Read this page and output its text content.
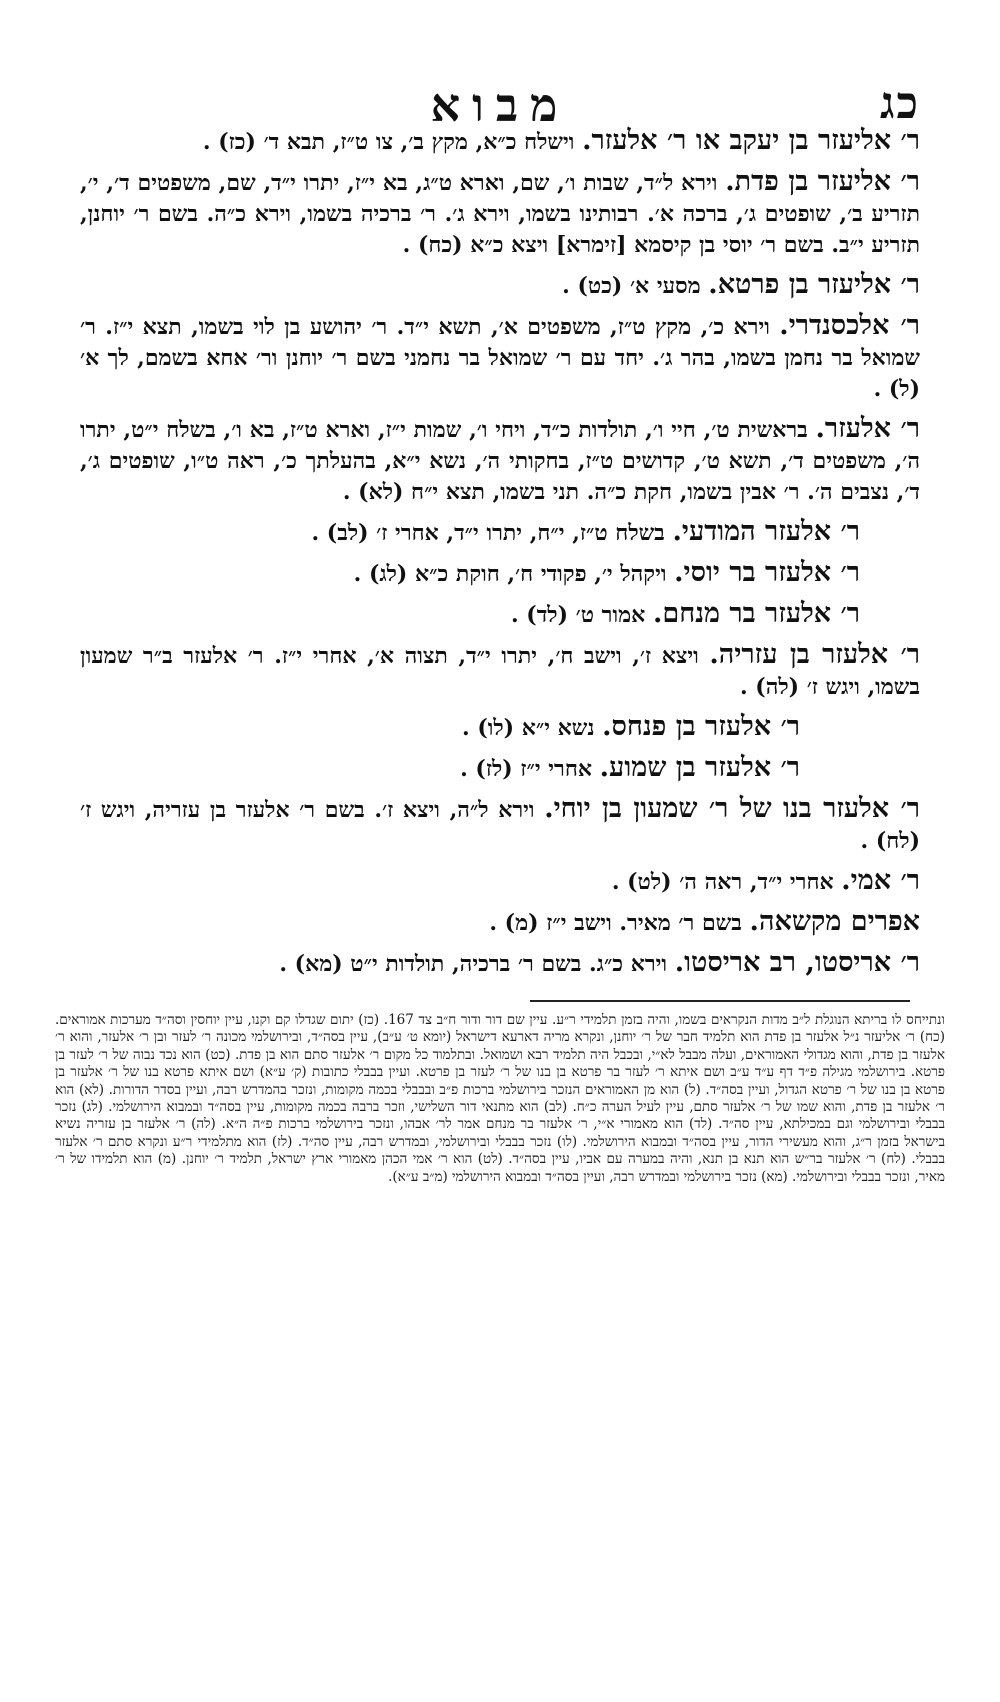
כג
מבוא

ר׳ אליעזר בן יעקב או ר׳ אלעזר. וישלח כ״א, מקץ ב׳, צו ט״ז, תבא ד׳ (כז) .

ר׳ אליעזר בן פדת. וירא ל״ד, שבות ו׳, שם, וארא ט״ג, בא י״ז, יתרו י״ד, שם, משפטים ד׳, י׳, תזריע ב׳, שופטים ג׳, ברכה א׳. רבותינו בשמו, וירא ג׳. ר׳ ברכיה בשמו, וירא כ״ה. בשם ר׳ יוחנן, תזריע י״ב. בשם ר׳ יוסי בן קיסמא [זימרא] ויצא כ״א (כח) .

ר׳ אליעזר בן פרטא. מסעי א׳ (כט) .

ר׳ אלכסנדרי. וירא כ׳, מקץ ט״ז, משפטים א׳, תשא י״ד. ר׳ יהושע בן לוי בשמו, תצא י״ז. ר׳ שמואל בר נחמן בשמו, בהר ג׳. יחד עם ר׳ שמואל בר נחמני בשם ר׳ יוחנן ור׳ אחא בשמם, לך א׳ (ל) .

ר׳ אלעזר. בראשית ט׳, חיי ו׳, תולדות כ״ד, ויחי ו׳, שמות י״ז, וארא ט״ז, בא ו׳, בשלח י״ט, יתרו ה׳, משפטים ד׳, תשא ט׳, קדושים ט״ז, בחקותי ה׳, נשא י״א, בהעלתך כ׳, ראה ט״ו, שופטים ג׳, ד׳, נצבים ה׳. ר׳ אבין בשמו, חקת כ״ה. תני בשמו, תצא י״ח (לא) .

ר׳ אלעזר המודעי. בשלח ט״ז, י״ח, יתרו י״ד, אחרי ז׳ (לב) .

ר׳ אלעזר בר יוסי. ויקהל י׳, פקודי ח׳, חוקת כ״א (לג) .

ר׳ אלעזר בר מנחם. אמור ט׳ (לד) .

ר׳ אלעזר בן עזריה. ויצא ז׳, וישב ח׳, יתרו י״ד, תצוה א׳, אחרי י״ז. ר׳ אלעזר ב״ר שמעון בשמו, ויגש ז׳ (לה) .

ר׳ אלעזר בן פנחס. נשא י״א (לו) .

ר׳ אלעזר בן שמוע. אחרי י״ז (לז) .

ר׳ אלעזר בנו של ר׳ שמעון בן יוחי. וירא ל״ה, ויצא ז׳. בשם ר׳ אלעזר בן עזריה, ויגש ז׳ (לח) .

ר׳ אמי. אחרי י״ד, ראה ה׳ (לט) .

אפרים מקשאה. בשם ר׳ מאיר. וישב י״ז (מ) .

ר׳ אריסטו, רב אריסטו. וירא כ״ג. בשם ר׳ ברכיה, תולדות י״ט (מא) .

ונתייחס לו בריתא הנוגלת ל״ב מדות הנקראים בשמו, והיה בזמן תלמידי ר״ע. עיין שם דור ודור ח״ב צד 167. (כז) יתום שגדלו קם וקנו, עיין יוחסין וסה״ד מערכות אמוראים. (כח) ר׳ אליעזר נ״ל אלעזר בן פדת הוא תלמיד חבר של ר׳ יוחנן, ונקרא מריה דארעא דישראל (יומא ט׳ ע״ב), עיין בסה״ד, ובירושלמי מכונה ר׳ לעזר ובן ר׳ אלעזר, והוא ר׳ אלעזר בן פדת, והוא מגדולי האמוראים, ועלה מבבל לא״י, ובכבל היה תלמיד רבא ושמואל. ובתלמוד כל מקום ר׳ אלעזר סתם הוא בן פדת. (כט) הוא נכד נבוה של ר׳ לעזר בן פרטא. בירושלמי מגילה פ״ד דף ע״ד ע״ב ושם איתא ר׳ לעזר בר פרטא בן בנו של ר׳ לעזר בן פרטא. ועיין בבבלי כתובות (ק׳ ע״א) ושם איתא פרטא בנו של ר׳ אלעזר בן פרטא בן בנו של ר׳ פרטא הגדול, ועיין בסה״ד. (ל) הוא מן האמוראים הנזכר בירושלמי ברכות פ״ב ובבבלי בכמה מקומות, ונזכר בהמדרש רבה, ועיין בסדר הדורות. (לא) הוא ר׳ אלעזר בן פדת, והוא שמו של ר׳ אלעזר סתם, עיין לעיל הערה כ״ח. (לב) הוא מתנאי דור השלישי, וזכר ברבה בכמה מקומות, עיין בסה״ד ובמבוא הירושלמי. (לג) נזכר בבבלי ובירושלמי וגם במכילתא, עיין סה״ד. (לד) הוא מאמורי א״י, ר׳ אלעזר בר מנחם אמר לר׳ אבהו, ונזכר בירושלמי ברכות פ״ה ה״א. (לה) ר׳ אלעזר בן עזריה נשיא בישראל בזמן ר״ג, והוא מעשירי הדור, עיין בסה״ד ובמבוא הירושלמי. (לו) נזכר בבבלי ובירושלמי, ובמדרש רבה, עיין סה״ד. (לז) הוא מתלמידי ר״ע ונקרא סתם ר׳ אלעזר בבבלי. (לח) ר׳ אלעזר בר״ש הוא תנא בן תנא, והיה במערה עם אביו, עיין בסה״ד. (לט) הוא ר׳ אמי הכהן מאמורי ארץ ישראל, תלמיד ר׳ יוחנן. (מ) הוא תלמידו של ר׳ מאיר, ונזכר בבבלי ובירושלמי. (מא) נזכר בירושלמי ובמדרש רבה, ועיין בסה״ד ובמבוא הירושלמי (מ״ב ע״א).
